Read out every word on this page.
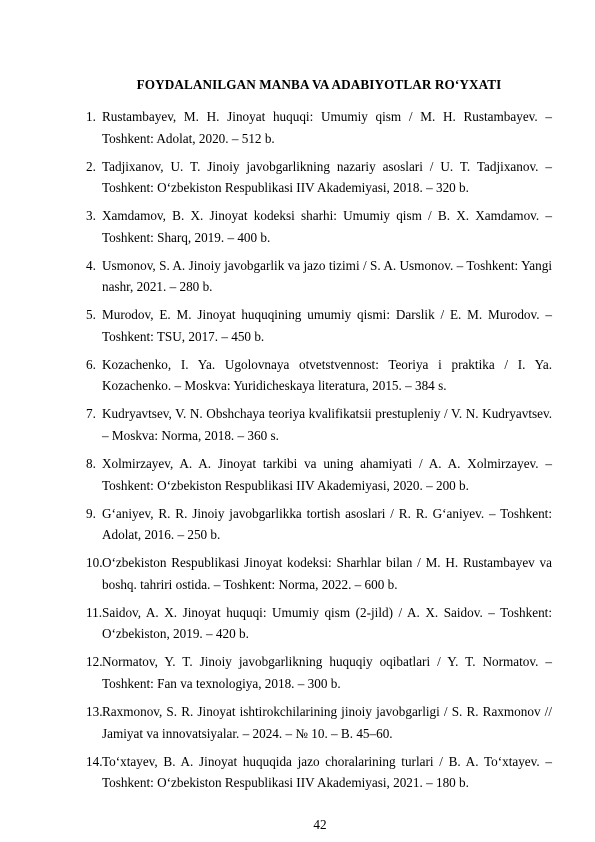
FOYDALANILGAN MANBA VA ADABIYOTLAR RO‘YXATI
1. Rustambayev, M. H. Jinoyat huquqi: Umumiy qism / M. H. Rustambayev. – Toshkent: Adolat, 2020. – 512 b.
2. Tadjixanov, U. T. Jinoiy javobgarlikning nazariy asoslari / U. T. Tadjixanov. – Toshkent: O‘zbekiston Respublikasi IIV Akademiyasi, 2018. – 320 b.
3. Xamdamov, B. X. Jinoyat kodeksi sharhi: Umumiy qism / B. X. Xamdamov. – Toshkent: Sharq, 2019. – 400 b.
4. Usmonov, S. A. Jinoiy javobgarlik va jazo tizimi / S. A. Usmonov. – Toshkent: Yangi nashr, 2021. – 280 b.
5. Murodov, E. M. Jinoyat huquqining umumiy qismi: Darslik / E. M. Murodov. – Toshkent: TSU, 2017. – 450 b.
6. Kozachenko, I. Ya. Ugolovnaya otvetstvennost: Teoriya i praktika / I. Ya. Kozachenko. – Moskva: Yuridicheskaya literatura, 2015. – 384 s.
7. Kudryavtsev, V. N. Obshchaya teoriya kvalifikatsii prestupleniy / V. N. Kudryavtsev. – Moskva: Norma, 2018. – 360 s.
8. Xolmirzayev, A. A. Jinoyat tarkibi va uning ahamiyati / A. A. Xolmirzayev. – Toshkent: O‘zbekiston Respublikasi IIV Akademiyasi, 2020. – 200 b.
9. G‘aniyev, R. R. Jinoiy javobgarlikka tortish asoslari / R. R. G‘aniyev. – Toshkent: Adolat, 2016. – 250 b.
10. O‘zbekiston Respublikasi Jinoyat kodeksi: Sharhlar bilan / M. H. Rustambayev va boshq. tahriri ostida. – Toshkent: Norma, 2022. – 600 b.
11. Saidov, A. X. Jinoyat huquqi: Umumiy qism (2-jild) / A. X. Saidov. – Toshkent: O‘zbekiston, 2019. – 420 b.
12. Normatov, Y. T. Jinoiy javobgarlikning huquqiy oqibatlari / Y. T. Normatov. – Toshkent: Fan va texnologiya, 2018. – 300 b.
13. Raxmonov, S. R. Jinoyat ishtirokchilarining jinoiy javobgarligi / S. R. Raxmonov // Jamiyat va innovatsiyalar. – 2024. – № 10. – B. 45–60.
14. To‘xtayev, B. A. Jinoyat huquqida jazo choralarining turlari / B. A. To‘xtayev. – Toshkent: O‘zbekiston Respublikasi IIV Akademiyasi, 2021. – 180 b.
42
